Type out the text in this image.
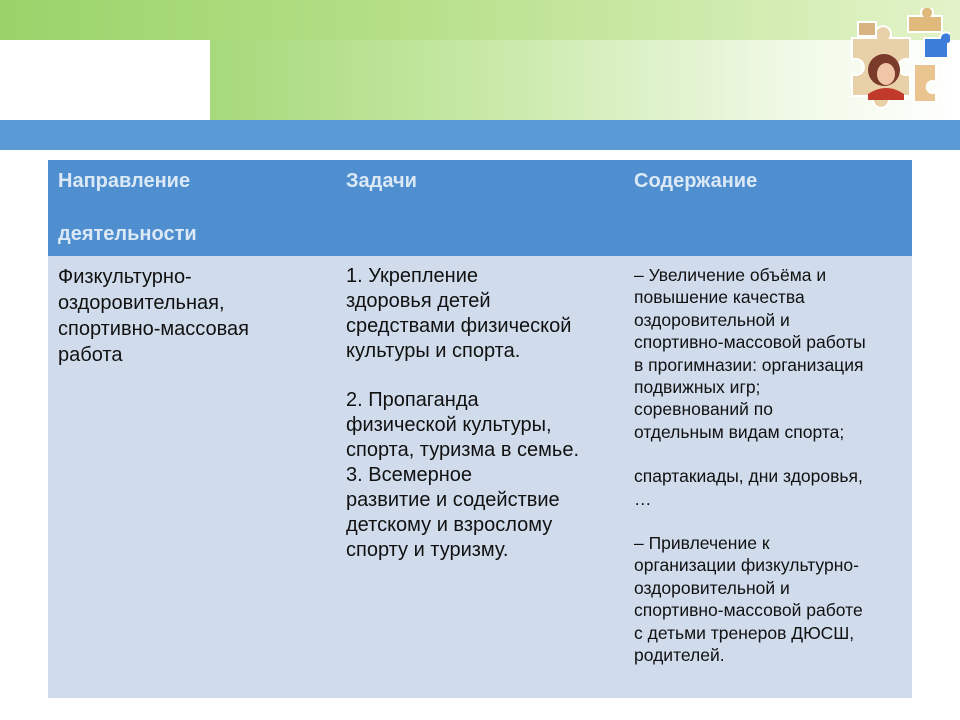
Направление
деятельности
Задачи	Содержание
Физкультурно-
оздоровительная,
спортивно-массовая
работа
1. Укрепление
здоровья детей
средствами физической
культуры и спорта.
2. Пропаганда
физической культуры,
спорта, туризма в семье.
3. Всемерное
развитие и содействие
детскому и взрослому
спорту и туризму.
– Увеличение объёма и
повышение качества
оздоровительной и
спортивно-массовой работы
в прогимназии: организация
подвижных игр;
соревнований по
отдельным видам спорта;
спартакиады, дни здоровья,
…
– Привлечение к
организации физкультурно-
оздоровительной и
спортивно-массовой работе
с детьми тренеров ДЮСШ,
родителей.
